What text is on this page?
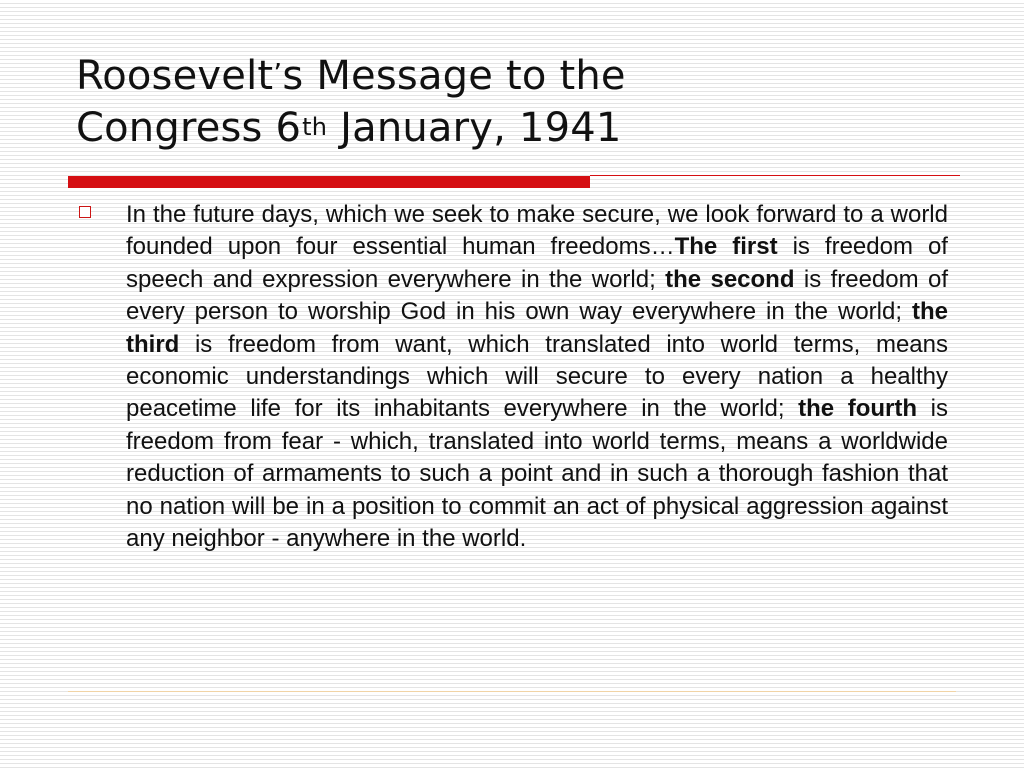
Roosevelt’s Message to the
Congress 6th January, 1941

In the future days, which we seek to make secure, we look forward to a world founded upon four essential human freedoms…The first is freedom of speech and expression everywhere in the world; the second is freedom of every person to worship God in his own way everywhere in the world; the third is freedom from want, which translated into world terms, means economic understandings which will secure to every nation a healthy peacetime life for its inhabitants everywhere in the world; the fourth is freedom from fear - which, translated into world terms, means a worldwide reduction of armaments to such a point and in such a thorough fashion that no nation will be in a position to commit an act of physical aggression against any neighbor - anywhere in the world.
